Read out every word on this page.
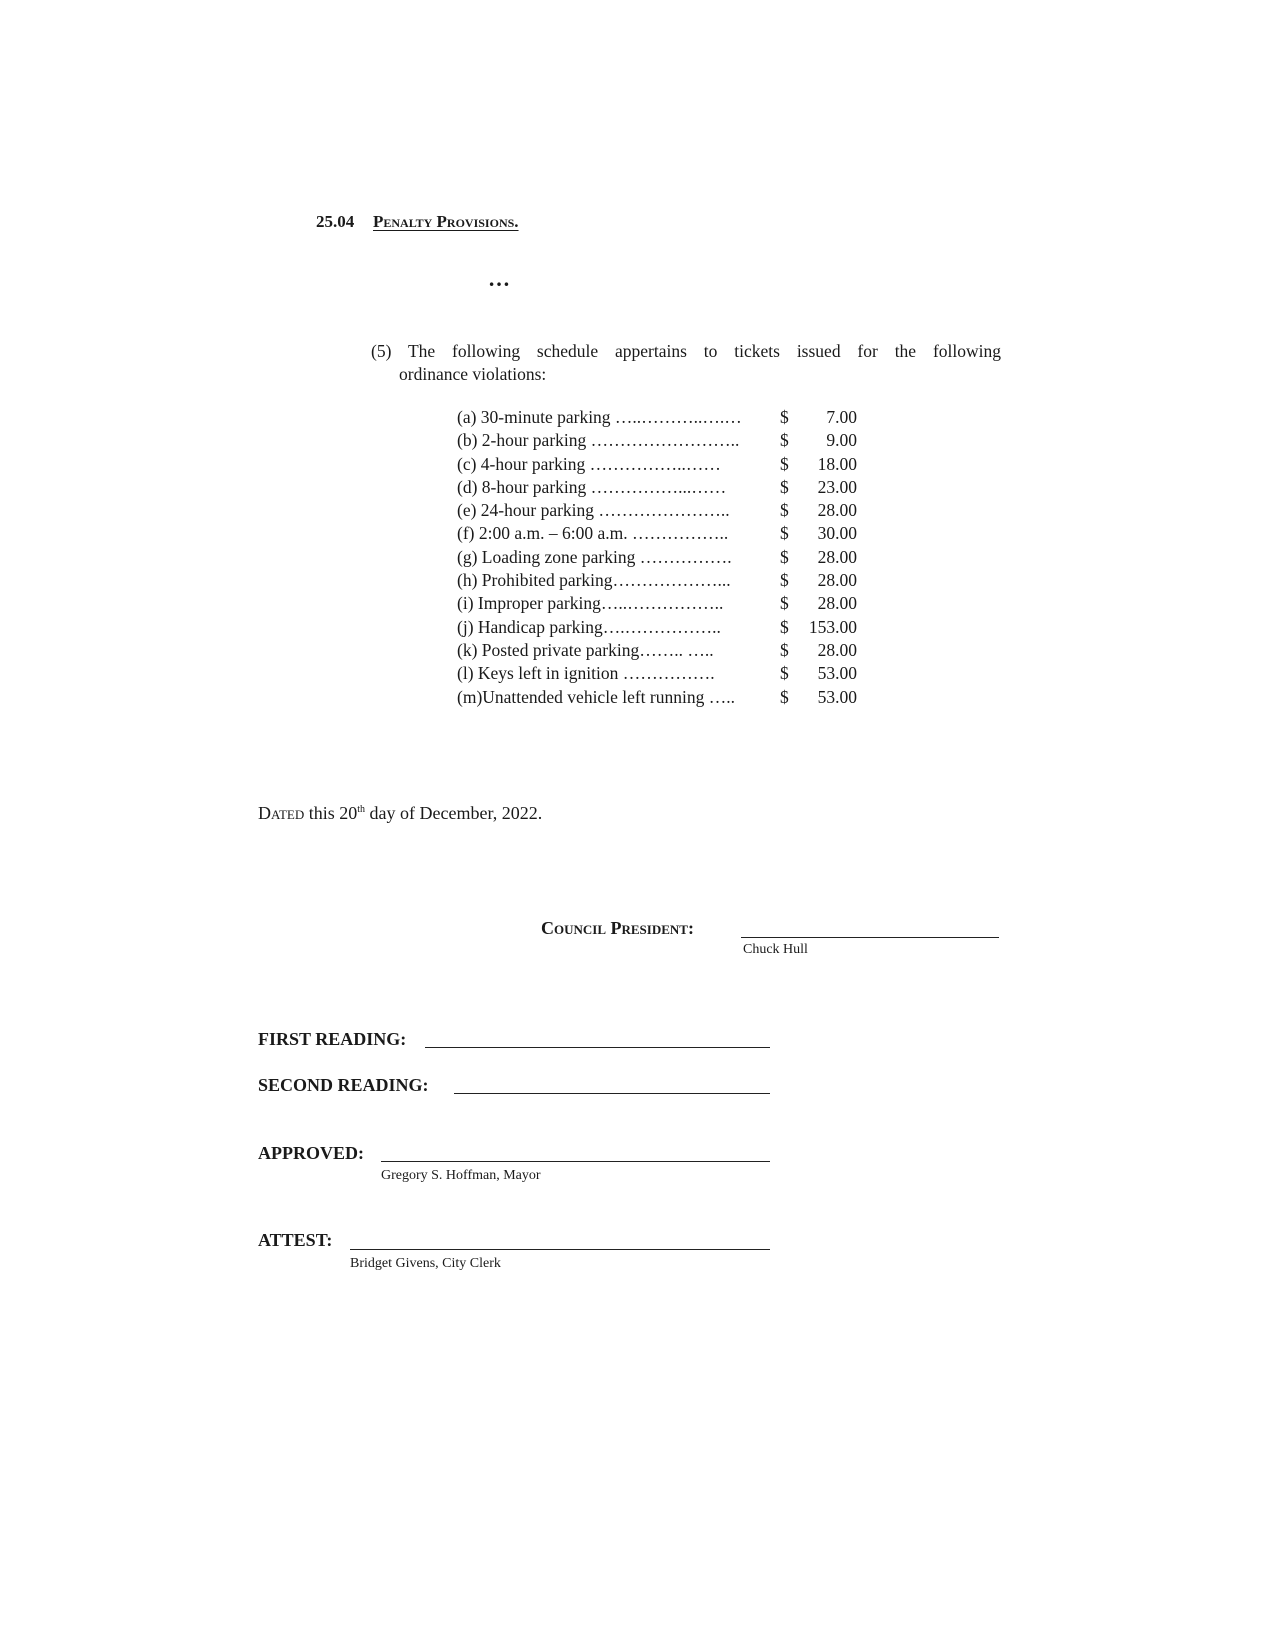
25.04 Penalty Provisions.
…
(5) The following schedule appertains to tickets issued for the following
ordinance violations:
(a) 30-minute parking …..………..….… $	7.00
(b) 2-hour parking …………………….. $	9.00
(c) 4-hour parking ……………..……	$	18.00
(d) 8-hour parking ……………...……	$	23.00
(e) 24-hour parking …………………..	$	28.00
(f) 2:00 a.m. – 6:00 a.m. ……………..	$	30.00
(g) Loading zone parking …………….	$	28.00
(h) Prohibited parking………………...	$	28.00
(i) Improper parking…..……………..	$	28.00
(j) Handicap parking….……………..	$	153.00
(k) Posted private parking…….. …..	$	28.00
(l) Keys left in ignition …………….	$	53.00
(m)Unattended vehicle left running …..	$	53.00
Dated this 20th day of December, 2022.
Council President:
Chuck Hull
FIRST READING:
SECOND READING:
APPROVED:
Gregory S. Hoffman, Mayor
ATTEST:
Bridget Givens, City Clerk
